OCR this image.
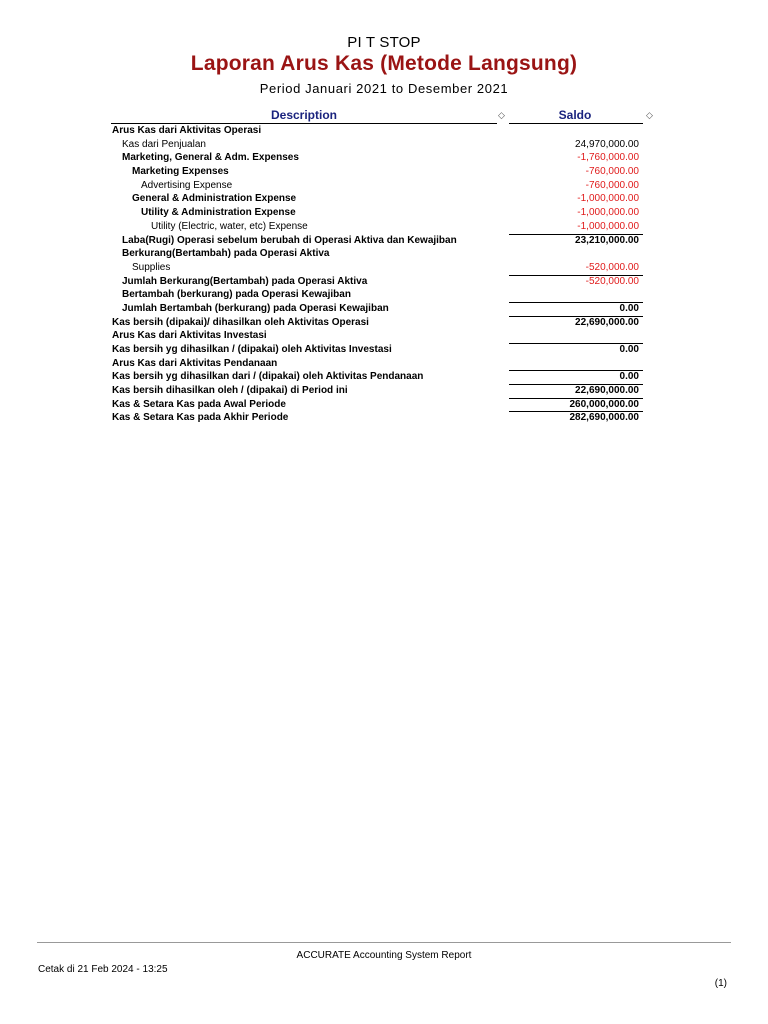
PI T STOP
Laporan Arus Kas (Metode Langsung)
Period Januari 2021 to Desember 2021
Description	◇	Saldo	◇
Arus Kas dari Aktivitas Operasi
Kas dari Penjualan	24,970,000.00
Marketing, General & Adm. Expenses	-1,760,000.00
Marketing Expenses	-760,000.00
Advertising Expense	-760,000.00
General & Administration Expense	-1,000,000.00
Utility & Administration Expense	-1,000,000.00
Utility (Electric, water, etc) Expense	-1,000,000.00
Laba(Rugi) Operasi sebelum berubah di Operasi Aktiva dan Kewajiban	23,210,000.00
Berkurang(Bertambah) pada Operasi Aktiva
Supplies	-520,000.00
Jumlah Berkurang(Bertambah) pada Operasi Aktiva	-520,000.00
Bertambah (berkurang) pada Operasi Kewajiban
Jumlah Bertambah (berkurang) pada Operasi Kewajiban	0.00
Kas bersih (dipakai)/ dihasilkan oleh Aktivitas Operasi	22,690,000.00
Arus Kas dari Aktivitas Investasi
Kas bersih yg dihasilkan / (dipakai) oleh Aktivitas Investasi	0.00
Arus Kas dari Aktivitas Pendanaan
Kas bersih yg dihasilkan dari / (dipakai) oleh Aktivitas Pendanaan	0.00
Kas bersih dihasilkan oleh / (dipakai) di Period ini	22,690,000.00
Kas & Setara Kas pada Awal Periode	260,000,000.00
Kas & Setara Kas pada Akhir Periode	282,690,000.00
ACCURATE Accounting System Report
Cetak di 21 Feb 2024 - 13:25
(1)
